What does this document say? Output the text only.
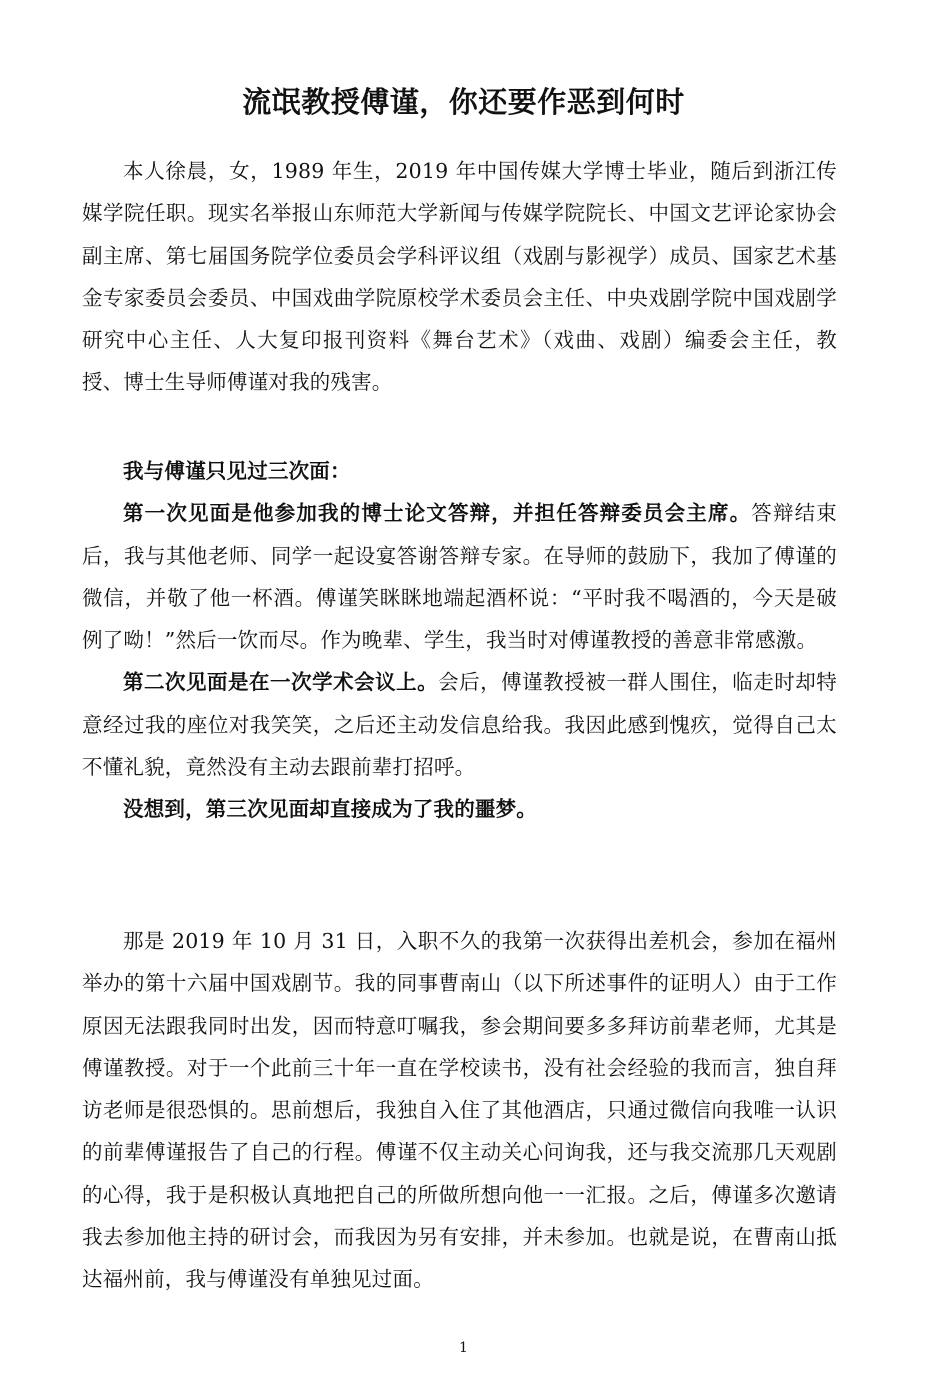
流氓教授傅谨，你还要作恶到何时

本人徐晨，女，1989 年生，2019 年中国传媒大学博士毕业，随后到浙江传媒学院任职。现实名举报山东师范大学新闻与传媒学院院长、中国文艺评论家协会副主席、第七届国务院学位委员会学科评议组（戏剧与影视学）成员、国家艺术基金专家委员会委员、中国戏曲学院原校学术委员会主任、中央戏剧学院中国戏剧学研究中心主任、人大复印报刊资料《舞台艺术》（戏曲、戏剧）编委会主任，教授、博士生导师傅谨对我的残害。

我与傅谨只见过三次面：

第一次见面是他参加我的博士论文答辩，并担任答辩委员会主席。答辩结束后，我与其他老师、同学一起设宴答谢答辩专家。在导师的鼓励下，我加了傅谨的微信，并敬了他一杯酒。傅谨笑眯眯地端起酒杯说：“平时我不喝酒的，今天是破例了呦！”然后一饮而尽。作为晚辈、学生，我当时对傅谨教授的善意非常感激。

第二次见面是在一次学术会议上。会后，傅谨教授被一群人围住，临走时却特意经过我的座位对我笑笑，之后还主动发信息给我。我因此感到愧疚，觉得自己太不懂礼貌，竟然没有主动去跟前辈打招呼。

没想到，第三次见面却直接成为了我的噩梦。

那是 2019 年 10 月 31 日，入职不久的我第一次获得出差机会，参加在福州举办的第十六届中国戏剧节。我的同事曹南山（以下所述事件的证明人）由于工作原因无法跟我同时出发，因而特意叮嘱我，参会期间要多多拜访前辈老师，尤其是傅谨教授。对于一个此前三十年一直在学校读书，没有社会经验的我而言，独自拜访老师是很恐惧的。思前想后，我独自入住了其他酒店，只通过微信向我唯一认识的前辈傅谨报告了自己的行程。傅谨不仅主动关心问询我，还与我交流那几天观剧的心得，我于是积极认真地把自己的所做所想向他一一汇报。之后，傅谨多次邀请我去参加他主持的研讨会，而我因为另有安排，并未参加。也就是说，在曹南山抵达福州前，我与傅谨没有单独见过面。

1
